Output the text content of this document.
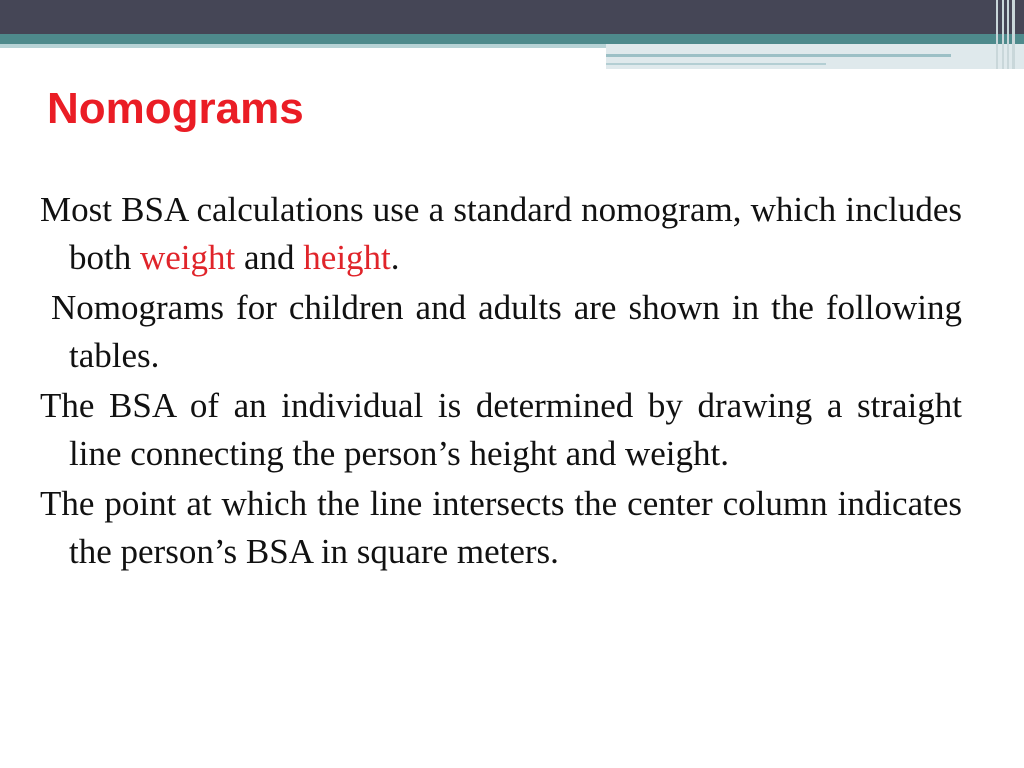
Nomograms

Most BSA calculations use a standard nomogram, which includes both weight and height.

Nomograms for children and adults are shown in the following tables.

The BSA of an individual is determined by drawing a straight line connecting the person’s height and weight.

The point at which the line intersects the center column indicates the person’s BSA in square meters.
